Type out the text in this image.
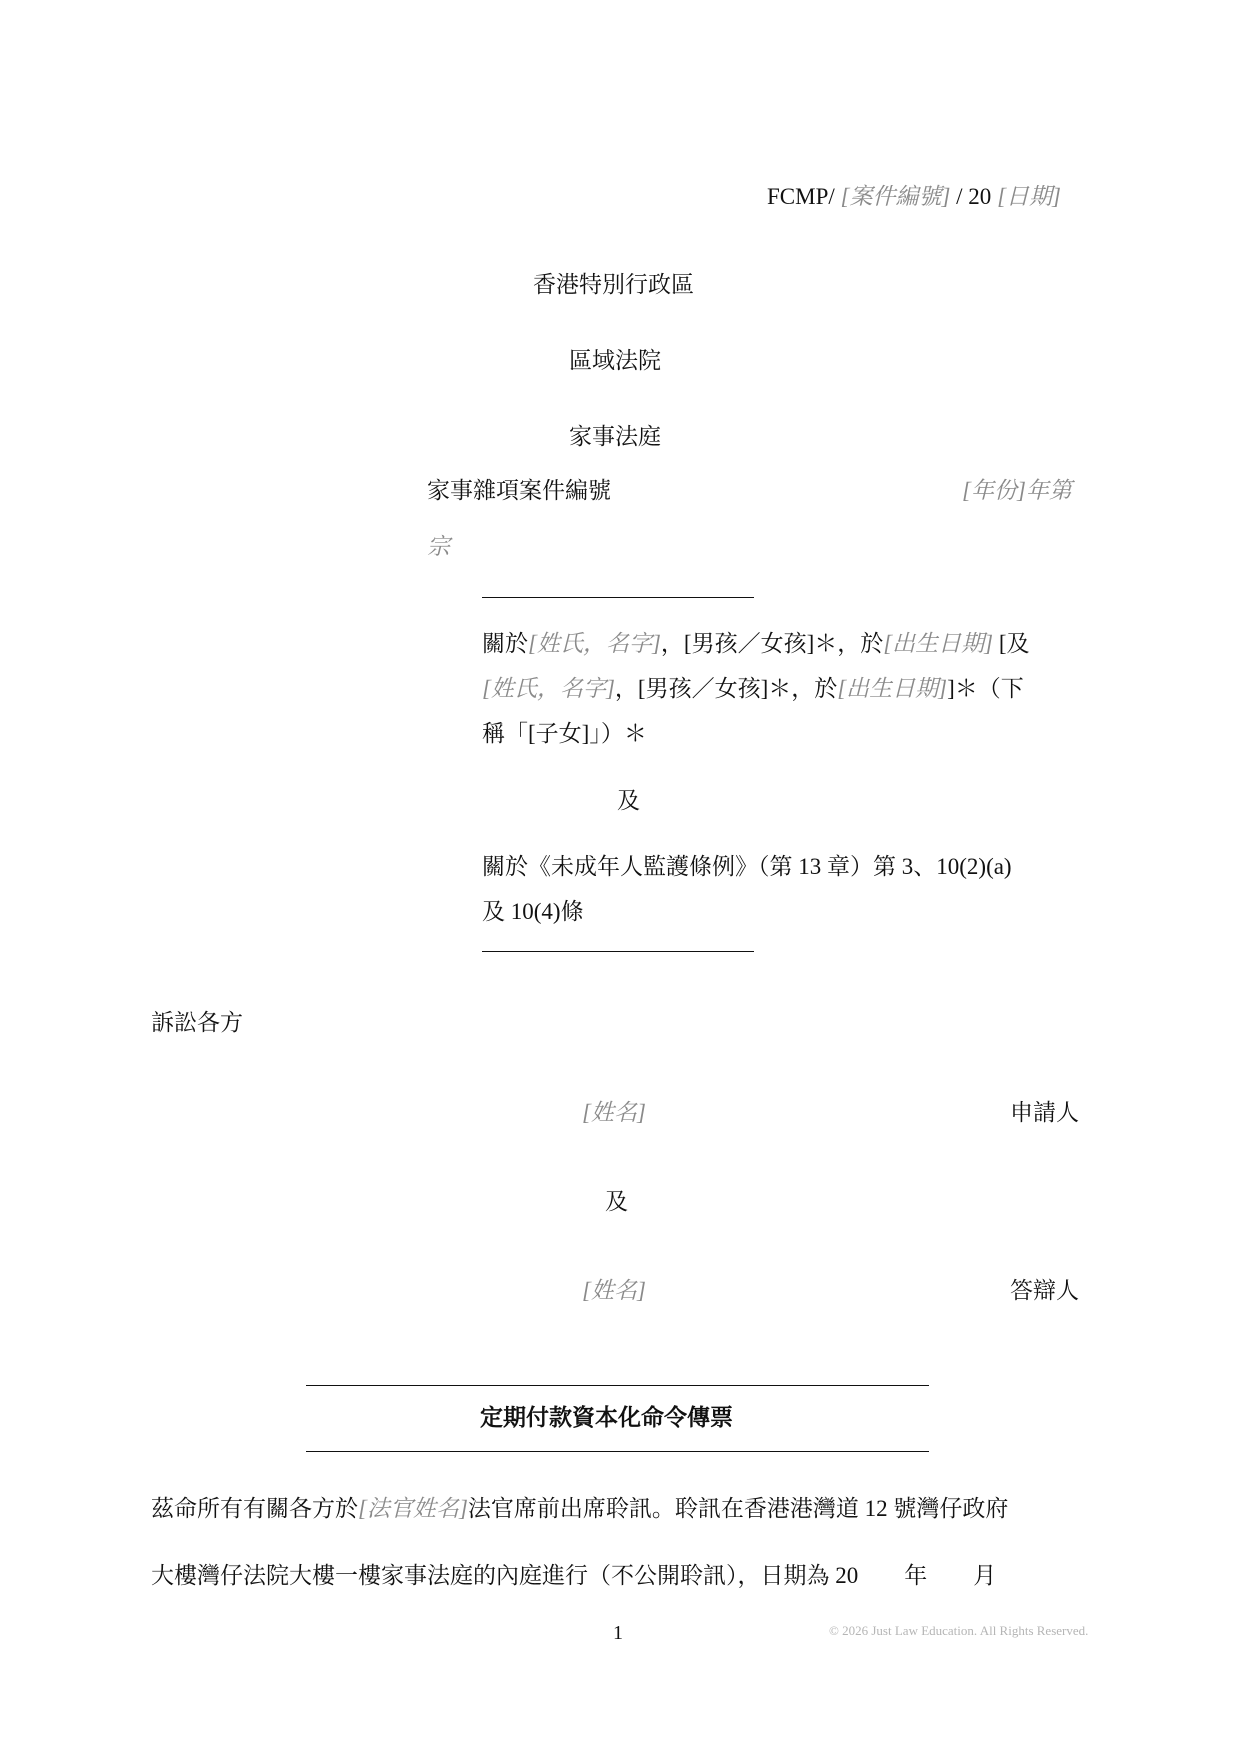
FCMP/ [案件編號] / 20 [日期]
香港特別行政區
區域法院
家事法庭
家事雜項案件編號	[年份]年第
宗
關於[姓氏，名字]，[男孩／女孩]＊，於[出生日期] [及
[姓氏，名字]，[男孩／女孩]＊，於[出生日期]]＊（下
稱「[子女]」）＊
及
關於《未成年人監護條例》（第 13 章）第 3、10(2)(a)
及 10(4)條
訴訟各方
[姓名]	申請人
及
[姓名]	答辯人
定期付款資本化命令傳票
茲命所有有關各方於[法官姓名]法官席前出席聆訊。聆訊在香港港灣道 12 號灣仔政府
大樓灣仔法院大樓一樓家事法庭的內庭進行（不公開聆訊），日期為 20　　年　　月
1	© 2026 Just Law Education. All Rights Reserved.
